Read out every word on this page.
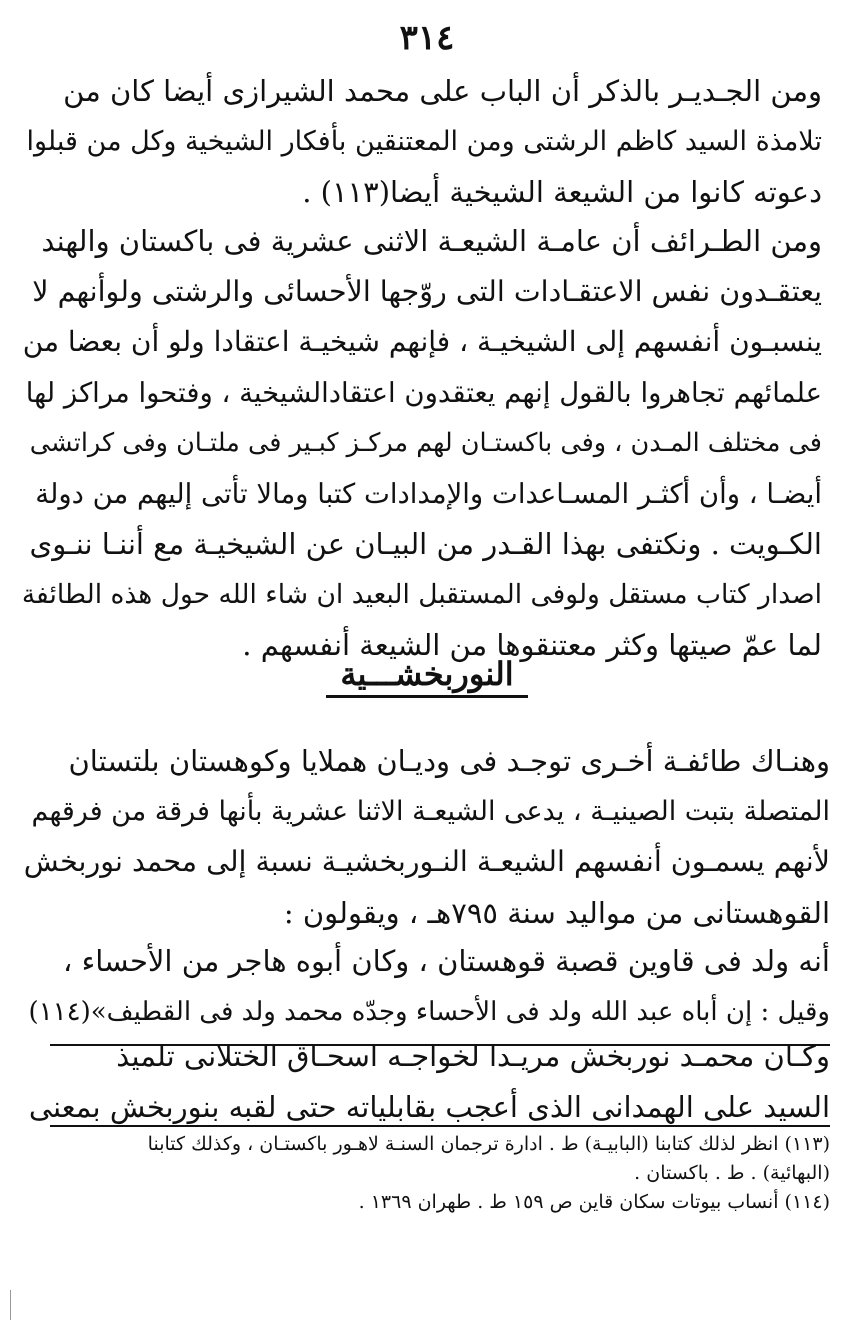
٣١٤
ومن الجـديـر بالذكر أن الباب على محمد الشيرازى أيضا كان من
تلامذة السيد كاظم الرشتى ومن المعتنقين بأفكار الشيخية وكل من قبلوا
دعوته كانوا من الشيعة الشيخية أيضا(١١٣) .
ومن الطـرائف أن عامـة الشيعـة الاثنى عشرية فى باكستان والهند
يعتقـدون نفس الاعتقـادات التى روّجها الأحسائى والرشتى ولوأنهم لا
ينسبـون أنفسهم إلى الشيخيـة ، فإنهم شيخيـة اعتقادا ولو أن بعضا من
علمائهم تجاهروا بالقول إنهم يعتقدون اعتقادالشيخية ، وفتحوا مراكز لها
فى مختلف المـدن ، وفى باكستـان لهم مركـز كبـير فى ملتـان وفى كراتشى
أيضـا ، وأن أكثـر المسـاعدات والإمدادات كتبا ومالا تأتى إليهم من دولة
الكـويت . ونكتفى بهذا القـدر من البيـان عن الشيخيـة مع أننـا ننـوى
اصدار كتاب مستقل ولوفى المستقبل البعيد ان شاء الله حول هذه الطائفة
لما عمّ صيتها وكثر معتنقوها من الشيعة أنفسهم .
النوربخشـــية
وهنـاك طائفـة أخـرى توجـد فى وديـان هملايا وكوهستان بلتستان
المتصلة بتبت الصينيـة ، يدعى الشيعـة الاثنا عشرية بأنها فرقة من فرقهم
لأنهم يسمـون أنفسهم الشيعـة النـوربخشيـة نسبة إلى محمد نوربخش
القوهستانى من مواليد سنة ٧٩٥هـ ، ويقولون :
أنه ولد فى قاوين قصبة قوهستان ، وكان أبوه هاجر من الأحساء ،
وقيل : إن أباه عبد الله ولد فى الأحساء وجدّه محمد ولد فى القطيف»(١١٤)
وكـان محمـد نوربخش مريـدا لخواجـه اسحـاق الختلانى تلميذ
السيد على الهمدانى الذى أعجب بقابلياته حتى لقبه بنوربخش بمعنى
(١١٣) انظر لذلك كتابنا (البابيـة) ط . ادارة ترجمان السنـة لاهـور باكستـان ، وكذلك كتابنا
(البهائية) . ط . باكستان .
(١١٤) أنساب بيوتات سكان قاين ص ١٥٩ ط . طهران ١٣٦٩ .
